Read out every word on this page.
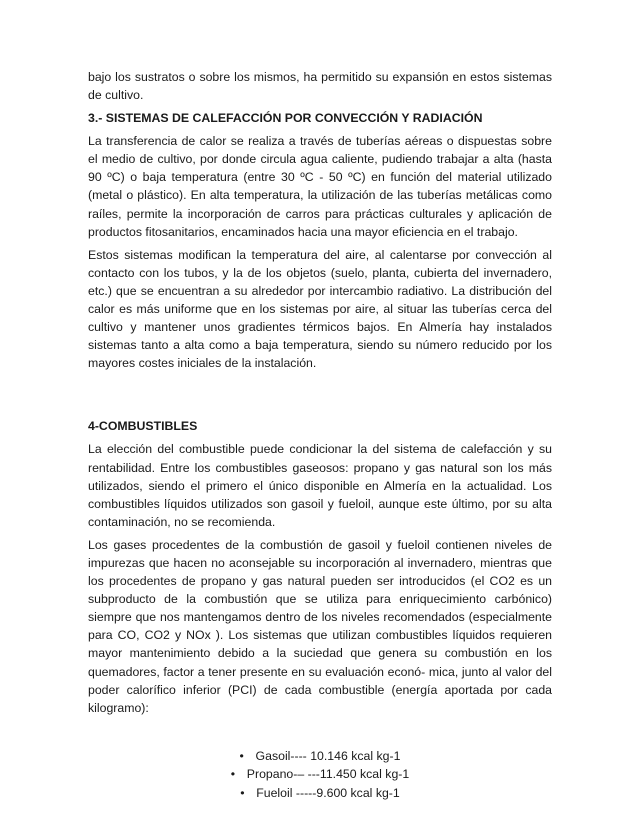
bajo los sustratos o sobre los mismos, ha permitido su expansión en estos sistemas de cultivo.

3.- SISTEMAS DE CALEFACCIÓN POR CONVECCIÓN Y RADIACIÓN

La transferencia de calor se realiza a través de tuberías aéreas o dispuestas sobre el medio de cultivo, por donde circula agua caliente, pudiendo trabajar a alta (hasta 90 ºC) o baja temperatura (entre 30 ºC - 50 ºC) en función del material utilizado (metal o plástico). En alta temperatura, la utilización de las tuberías metálicas como raíles, permite la incorporación de carros para prácticas culturales y aplicación de productos fitosanitarios, encaminados hacia una mayor eficiencia en el trabajo.

Estos sistemas modifican la temperatura del aire, al calentarse por convección al contacto con los tubos, y la de los objetos (suelo, planta, cubierta del invernadero, etc.) que se encuentran a su alrededor por intercambio radiativo. La distribución del calor es más uniforme que en los sistemas por aire, al situar las tuberías cerca del cultivo y mantener unos gradientes térmicos bajos. En Almería hay instalados sistemas tanto a alta como a baja temperatura, siendo su número reducido por los mayores costes iniciales de la instalación.

4-COMBUSTIBLES

La elección del combustible puede condicionar la del sistema de calefacción y su rentabilidad. Entre los combustibles gaseosos: propano y gas natural son los más utilizados, siendo el primero el único disponible en Almería en la actualidad. Los combustibles líquidos utilizados son gasoil y fueloil, aunque este último, por su alta contaminación, no se recomienda.

Los gases procedentes de la combustión de gasoil y fueloil contienen niveles de impurezas que hacen no aconsejable su incorporación al invernadero, mientras que los procedentes de propano y gas natural pueden ser introducidos (el CO2 es un subproducto de la combustión que se utiliza para enriquecimiento carbónico) siempre que nos mantengamos dentro de los niveles recomendados (especialmente para CO, CO2 y NOx ). Los sistemas que utilizan combustibles líquidos requieren mayor mantenimiento debido a la suciedad que genera su combustión en los quemadores, factor a tener presente en su evaluación econó- mica, junto al valor del poder calorífico inferior (PCI) de cada combustible (energía aportada por cada kilogramo):

• Gasoil---- 10.146 kcal kg-1
• Propano-– ---11.450 kcal kg-1
• Fueloil -----9.600 kcal kg-1
